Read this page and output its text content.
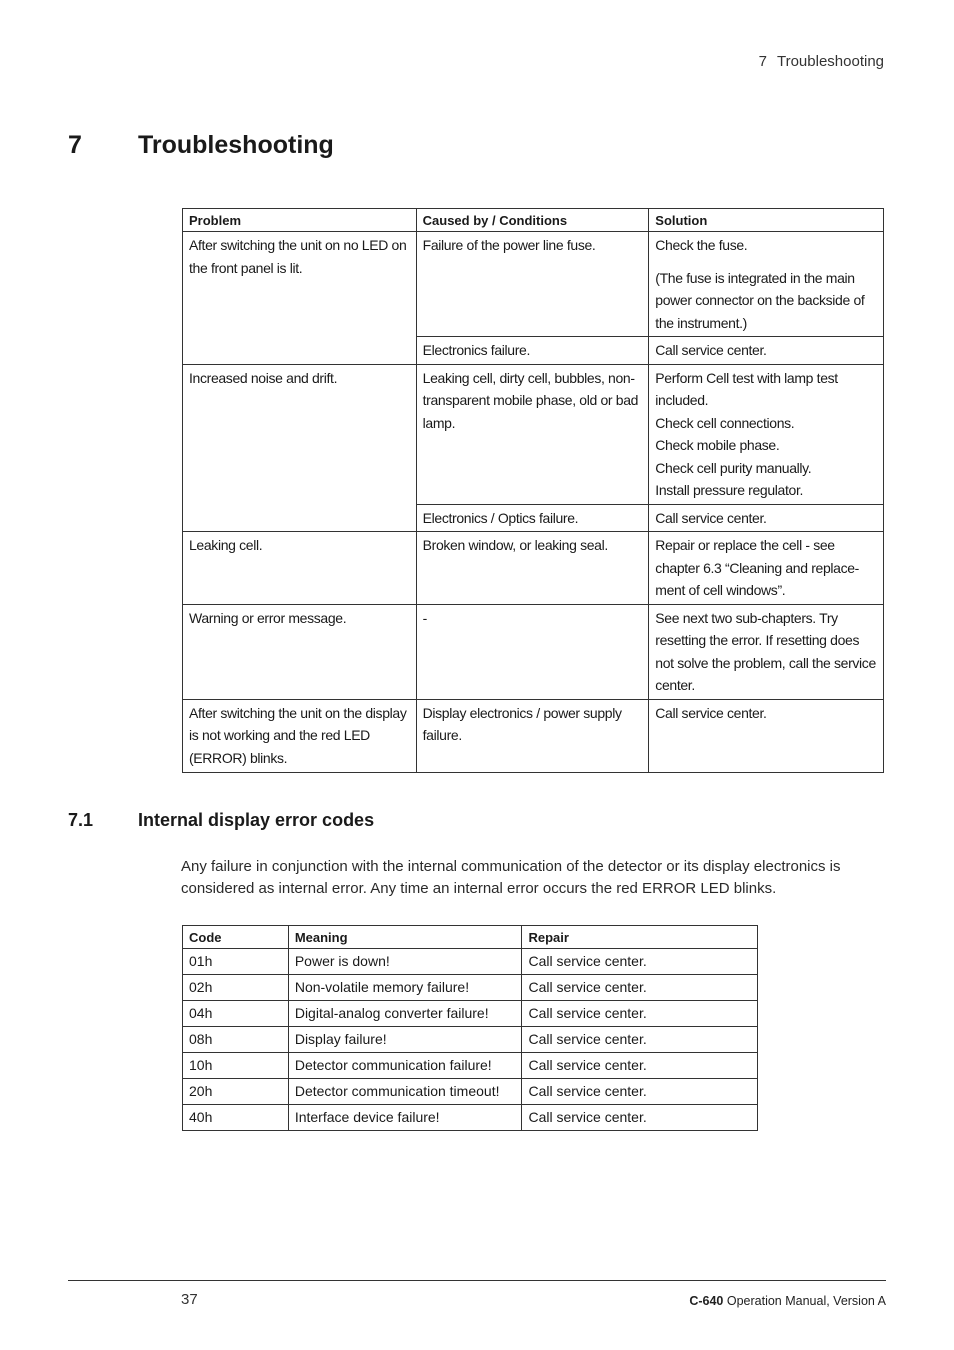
7 Troubleshooting
7 Troubleshooting
Problem	Caused by / Conditions	Solution
After switching the unit on no LED on the front panel is lit.	Failure of the power line fuse.	Check the fuse.
(The fuse is integrated in the main power connector on the backside of the instrument.)
	Electronics failure.	Call service center.
Increased noise and drift.	Leaking cell, dirty cell, bubbles, non-transparent mobile phase, old or bad lamp.	Perform Cell test with lamp test included.
Check cell connections.
Check mobile phase.
Check cell purity manually.
Install pressure regulator.

	Electronics / Optics failure.	Call service center.
Leaking cell.	Broken window, or leaking seal.	Repair or replace the cell - see chapter 6.3 “Cleaning and replace-ment of cell windows”.
Warning or error message.	-	See next two sub-chapters. Try resetting the error. If resetting does not solve the problem, call the service center.
After switching the unit on the display is not working and the red LED (ERROR) blinks.	Display electronics / power supply failure.	Call service center.
7.1 Internal display error codes
Any failure in conjunction with the internal communication of the detector or its display electronics is considered as internal error. Any time an internal error occurs the red ERROR LED blinks.
Code	Meaning	Repair
01h	Power is down!	Call service center.
02h	Non-volatile memory failure!	Call service center.
04h	Digital-analog converter failure!	Call service center.
08h	Display failure!	Call service center.
10h	Detector communication failure!	Call service center.
20h	Detector communication timeout!	Call service center.
40h	Interface device failure!	Call service center.
37	C-640 Operation Manual, Version A
